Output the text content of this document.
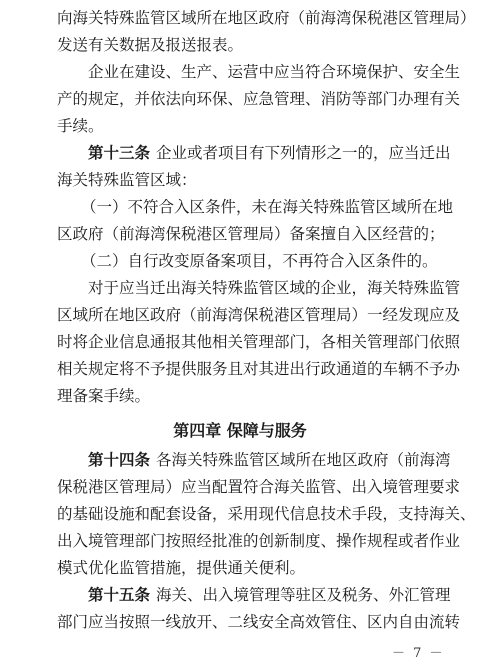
向海关特殊监管区域所在地区政府（前海湾保税港区管理局）
发送有关数据及报送报表。
企业在建设、生产、运营中应当符合环境保护、安全生
产的规定，并依法向环保、应急管理、消防等部门办理有关
手续。
第十三条 企业或者项目有下列情形之一的，应当迁出
海关特殊监管区域：
（一）不符合入区条件，未在海关特殊监管区域所在地
区政府（前海湾保税港区管理局）备案擅自入区经营的；
（二）自行改变原备案项目，不再符合入区条件的。
对于应当迁出海关特殊监管区域的企业，海关特殊监管
区域所在地区政府（前海湾保税港区管理局）一经发现应及
时将企业信息通报其他相关管理部门，各相关管理部门依照
相关规定将不予提供服务且对其进出行政通道的车辆不予办
理备案手续。
第四章 保障与服务
第十四条 各海关特殊监管区域所在地区政府（前海湾
保税港区管理局）应当配置符合海关监管、出入境管理要求
的基础设施和配套设备，采用现代信息技术手段，支持海关、
出入境管理部门按照经批准的创新制度、操作规程或者作业
模式优化监管措施，提供通关便利。
第十五条 海关、出入境管理等驻区及税务、外汇管理
部门应当按照一线放开、二线安全高效管住、区内自由流转
－ 7 －
